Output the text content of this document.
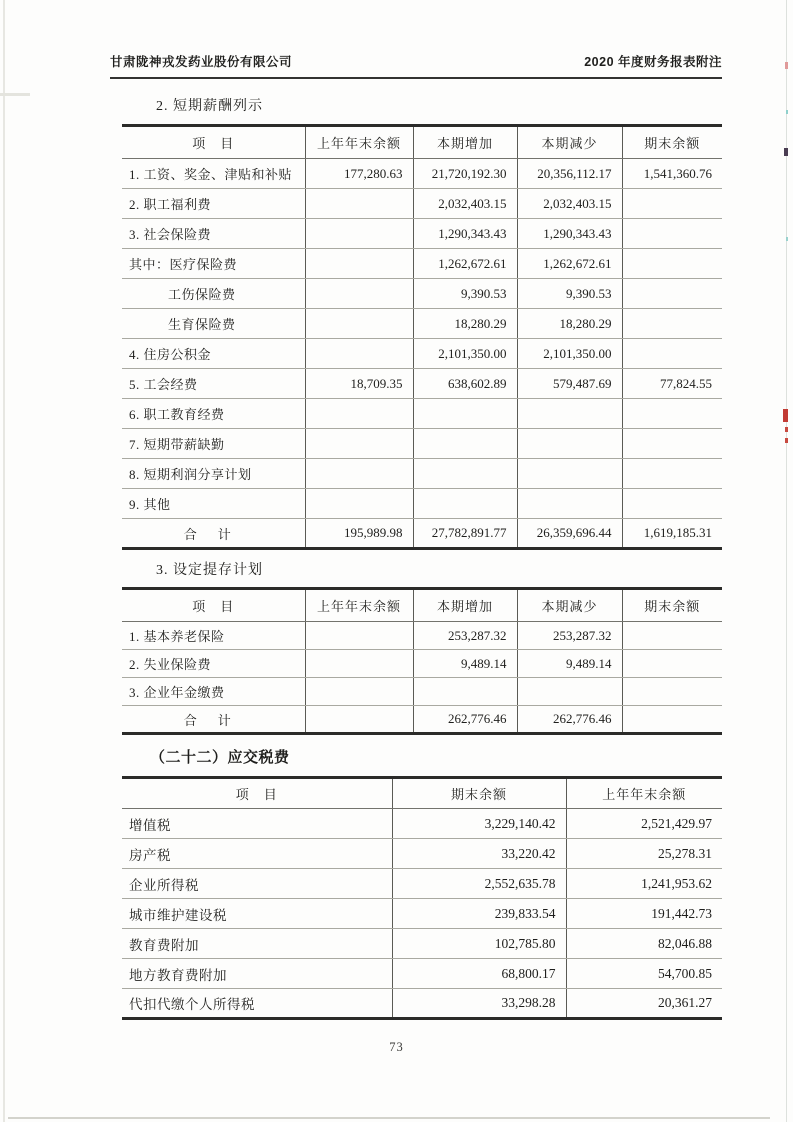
甘肃陇神戎发药业股份有限公司	2020 年度财务报表附注
2. 短期薪酬列示
项　目	上年年末余额	本期增加	本期减少	期末余额
1. 工资、奖金、津贴和补贴	177,280.63	21,720,192.30	20,356,112.17	1,541,360.76
2. 职工福利费		2,032,403.15	2,032,403.15	
3. 社会保险费		1,290,343.43	1,290,343.43	
其中：医疗保险费		1,262,672.61	1,262,672.61	
工伤保险费		9,390.53	9,390.53	
生育保险费		18,280.29	18,280.29	
4. 住房公积金		2,101,350.00	2,101,350.00	
5. 工会经费	18,709.35	638,602.89	579,487.69	77,824.55
6. 职工教育经费				
7. 短期带薪缺勤				
8. 短期利润分享计划				
9. 其他				
合　计	195,989.98	27,782,891.77	26,359,696.44	1,619,185.31
3. 设定提存计划
项　目	上年年末余额	本期增加	本期减少	期末余额
1. 基本养老保险		253,287.32	253,287.32	
2. 失业保险费		9,489.14	9,489.14	
3. 企业年金缴费				
合　计		262,776.46	262,776.46	
（二十二）应交税费
项　目	期末余额	上年年末余额
增值税	3,229,140.42	2,521,429.97
房产税	33,220.42	25,278.31
企业所得税	2,552,635.78	1,241,953.62
城市维护建设税	239,833.54	191,442.73
教育费附加	102,785.80	82,046.88
地方教育费附加	68,800.17	54,700.85
代扣代缴个人所得税	33,298.28	20,361.27
73
